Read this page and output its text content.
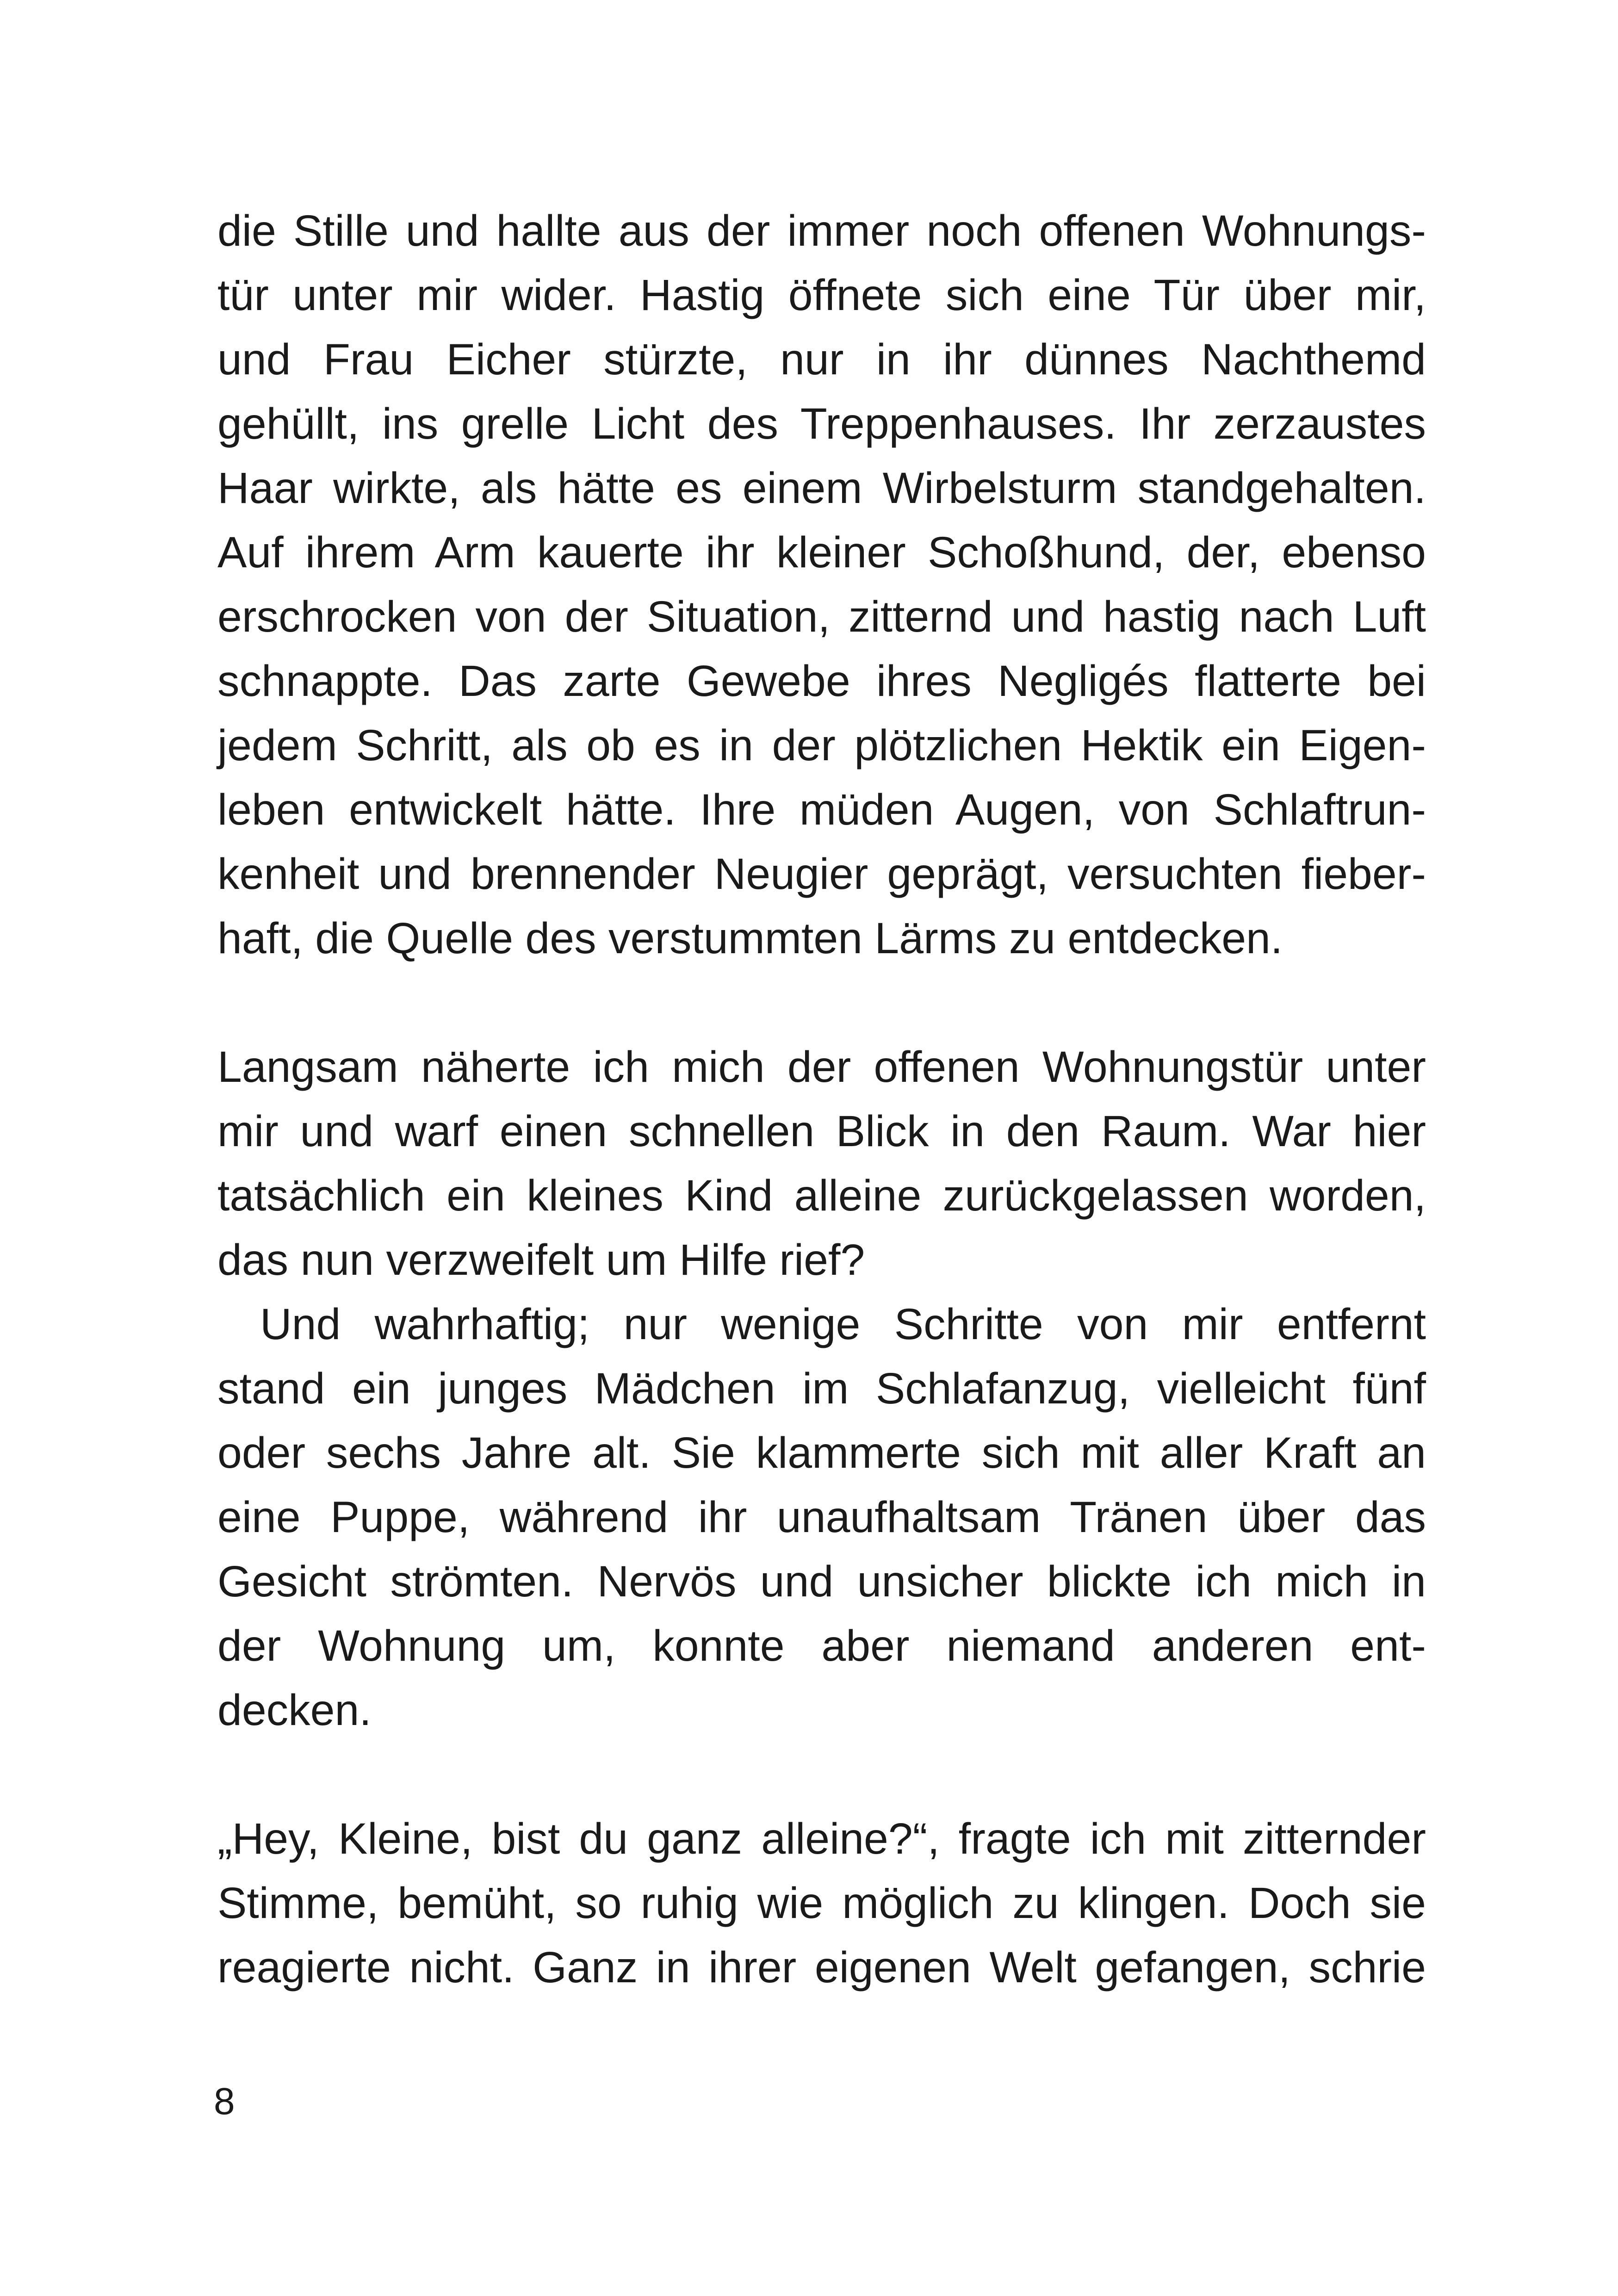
die Stille und hallte aus der immer noch offenen Wohnungs-
tür unter mir wider. Hastig öffnete sich eine Tür über mir,
und Frau Eicher stürzte, nur in ihr dünnes Nachthemd
gehüllt, ins grelle Licht des Treppenhauses. Ihr zerzaustes
Haar wirkte, als hätte es einem Wirbelsturm standgehalten.
Auf ihrem Arm kauerte ihr kleiner Schoßhund, der, ebenso
erschrocken von der Situation, zitternd und hastig nach Luft
schnappte. Das zarte Gewebe ihres Negligés flatterte bei
jedem Schritt, als ob es in der plötzlichen Hektik ein Eigen-
leben entwickelt hätte. Ihre müden Augen, von Schlaftrun-
kenheit und brennender Neugier geprägt, versuchten fieber-
haft, die Quelle des verstummten Lärms zu entdecken.
Langsam näherte ich mich der offenen Wohnungstür unter
mir und warf einen schnellen Blick in den Raum. War hier
tatsächlich ein kleines Kind alleine zurückgelassen worden,
das nun verzweifelt um Hilfe rief?
Und wahrhaftig; nur wenige Schritte von mir entfernt
stand ein junges Mädchen im Schlafanzug, vielleicht fünf
oder sechs Jahre alt. Sie klammerte sich mit aller Kraft an
eine Puppe, während ihr unaufhaltsam Tränen über das
Gesicht strömten. Nervös und unsicher blickte ich mich in
der Wohnung um, konnte aber niemand anderen ent-
decken.
„Hey, Kleine, bist du ganz alleine?“, fragte ich mit zitternder
Stimme, bemüht, so ruhig wie möglich zu klingen. Doch sie
reagierte nicht. Ganz in ihrer eigenen Welt gefangen, schrie

8
